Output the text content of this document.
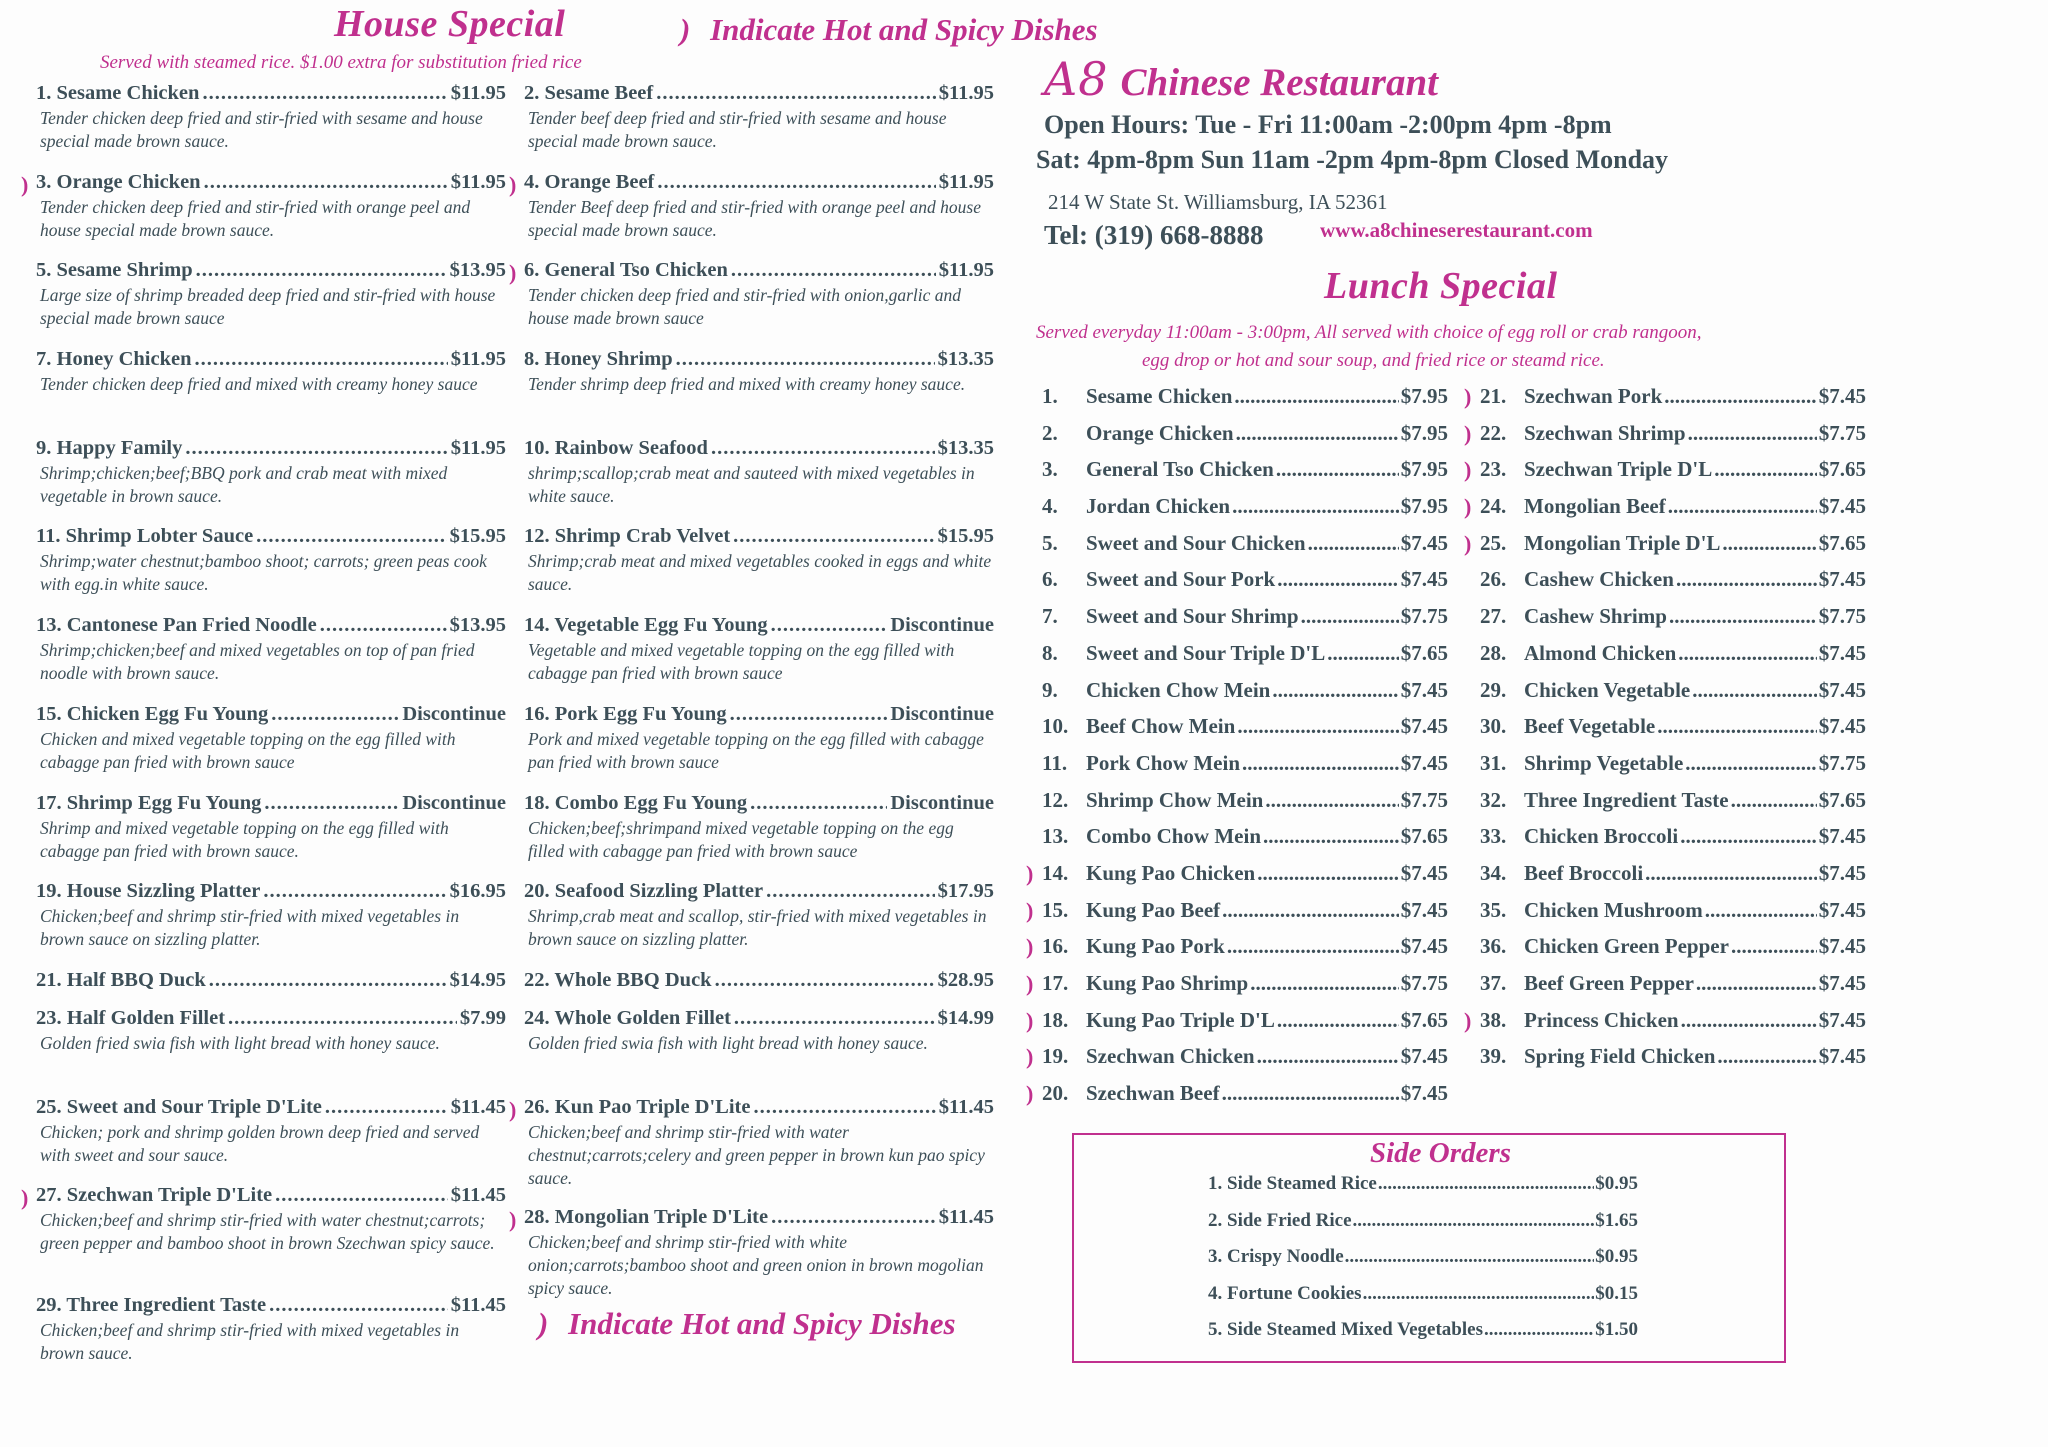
House Special	) Indicate Hot and Spicy Dishes
Served with steamed rice. $1.00 extra for substitution fried rice
1. Sesame Chicken .....	$11.95
Tender chicken deep fried and stir-fried with sesame and house special made brown sauce.
) 3. Orange Chicken .....	$11.95
Tender chicken deep fried and stir-fried with orange peel and house special made brown sauce.
5. Sesame Shrimp .....	$13.95
Large size of shrimp breaded deep fried and stir-fried with house special made brown sauce
7. Honey Chicken .....	$11.95
Tender chicken deep fried and mixed with creamy honey sauce
9. Happy Family .....	$11.95
Shrimp;chicken;beef;BBQ pork and crab meat with mixed vegetable in brown sauce.
11. Shrimp Lobter Sauce .....	$15.95
Shrimp;water chestnut;bamboo shoot; carrots; green peas cook with egg.in white sauce.
13. Cantonese Pan Fried Noodle .....	$13.95
Shrimp;chicken;beef and mixed vegetables on top of pan fried noodle with brown sauce.
15. Chicken Egg Fu Young .....	Discontinue
Chicken and mixed vegetable topping on the egg filled with cabagge pan fried with brown sauce
17. Shrimp Egg Fu Young .....	Discontinue
Shrimp and mixed vegetable topping on the egg filled with cabagge pan fried with brown sauce.
19. House Sizzling Platter .....	$16.95
Chicken;beef and shrimp stir-fried with mixed vegetables in brown sauce on sizzling platter.
21. Half BBQ Duck .....	$14.95
23. Half Golden Fillet .....	$7.99
Golden fried swia fish with light bread with honey sauce.
25. Sweet and Sour Triple D'Lite .....	$11.45
Chicken; pork and shrimp golden brown deep fried and served with sweet and sour sauce.
) 27. Szechwan Triple D'Lite .....	$11.45
Chicken;beef and shrimp stir-fried with water chestnut;carrots; green pepper and bamboo shoot in brown Szechwan spicy sauce.
29. Three Ingredient Taste .....	$11.45
Chicken;beef and shrimp stir-fried with mixed vegetables in brown sauce.
2. Sesame Beef .....	$11.95
Tender beef deep fried and stir-fried with sesame and house special made brown sauce.
) 4. Orange Beef .....	$11.95
Tender Beef deep fried and stir-fried with orange peel and house special made brown sauce.
) 6. General Tso Chicken .....	$11.95
Tender chicken deep fried and stir-fried with onion,garlic and house made brown sauce
8. Honey Shrimp .....	$13.35
Tender shrimp deep fried and mixed with creamy honey sauce.
10. Rainbow Seafood .....	$13.35
shrimp;scallop;crab meat and sauteed with mixed vegetables in white sauce.
12. Shrimp Crab Velvet .....	$15.95
Shrimp;crab meat and mixed vegetables cooked in eggs and white sauce.
14. Vegetable Egg Fu Young .....	Discontinue
Vegetable and mixed vegetable topping on the egg filled with cabagge pan fried with brown sauce
16. Pork Egg Fu Young .....	Discontinue
Pork and mixed vegetable topping on the egg filled with cabagge pan fried with brown sauce
18. Combo Egg Fu Young .....	Discontinue
Chicken;beef;shrimpand mixed vegetable topping on the egg filled with cabagge pan fried with brown sauce
20. Seafood Sizzling Platter .....	$17.95
Shrimp,crab meat and scallop, stir-fried with mixed vegetables in brown sauce on sizzling platter.
22. Whole BBQ Duck .....	$28.95
24. Whole Golden Fillet .....	$14.99
Golden fried swia fish with light bread with honey sauce.
) 26. Kun Pao Triple D'Lite .....	$11.45
Chicken;beef and shrimp stir-fried with water chestnut;carrots;celery and green pepper in brown kun pao spicy sauce.
) 28. Mongolian Triple D'Lite .....	$11.45
Chicken;beef and shrimp stir-fried with white onion;carrots;bamboo shoot and green onion in brown mogolian spicy sauce.
) Indicate Hot and Spicy Dishes
A8 Chinese Restaurant
Open Hours: Tue - Fri 11:00am -2:00pm 4pm -8pm
Sat: 4pm-8pm Sun 11am -2pm 4pm-8pm Closed Monday
214 W State St. Williamsburg, IA 52361
Tel: (319) 668-8888	www.a8chineserestaurant.com
Lunch Special
Served everyday 11:00am - 3:00pm, All served with choice of egg roll or crab rangoon,
egg drop or hot and sour soup, and fried rice or steamd rice.
1.	Sesame Chicken .....	$7.95
2.	Orange Chicken .....	$7.95
3.	General Tso Chicken .....	$7.95
4.	Jordan Chicken .....	$7.95
5.	Sweet and Sour Chicken .....	$7.45
6.	Sweet and Sour Pork .....	$7.45
7.	Sweet and Sour Shrimp .....	$7.75
8.	Sweet and Sour Triple D'L .....	$7.65
9.	Chicken Chow Mein .....	$7.45
10. Beef Chow Mein .....	$7.45
11. Pork Chow Mein .....	$7.45
12. Shrimp Chow Mein .....	$7.75
13. Combo Chow Mein .....	$7.65
) 14. Kung Pao Chicken .....	$7.45
) 15. Kung Pao Beef .....	$7.45
) 16. Kung Pao Pork .....	$7.45
) 17. Kung Pao Shrimp .....	$7.75
) 18. Kung Pao Triple D'L .....	$7.65
) 19. Szechwan Chicken .....	$7.45
) 20. Szechwan Beef .....	$7.45
) 21. Szechwan Pork .....	$7.45
) 22. Szechwan Shrimp .....	$7.75
) 23. Szechwan Triple D'L .....	$7.65
) 24. Mongolian Beef .....	$7.45
) 25. Mongolian Triple D'L .....	$7.65
26. Cashew Chicken .....	$7.45
27. Cashew Shrimp .....	$7.75
28. Almond Chicken .....	$7.45
29. Chicken Vegetable .....	$7.45
30. Beef Vegetable .....	$7.45
31. Shrimp Vegetable .....	$7.75
32. Three Ingredient Taste .....	$7.65
33. Chicken Broccoli .....	$7.45
34. Beef Broccoli .....	$7.45
35. Chicken Mushroom .....	$7.45
36. Chicken Green Pepper .....	$7.45
37. Beef Green Pepper .....	$7.45
) 38. Princess Chicken .....	$7.45
39. Spring Field Chicken .....	$7.45
Side Orders
1. Side Steamed Rice .....	$0.95
2. Side Fried Rice .....	$1.65
3. Crispy Noodle .....	$0.95
4. Fortune Cookies .....	$0.15
5. Side Steamed Mixed Vegetables .....	$1.50
